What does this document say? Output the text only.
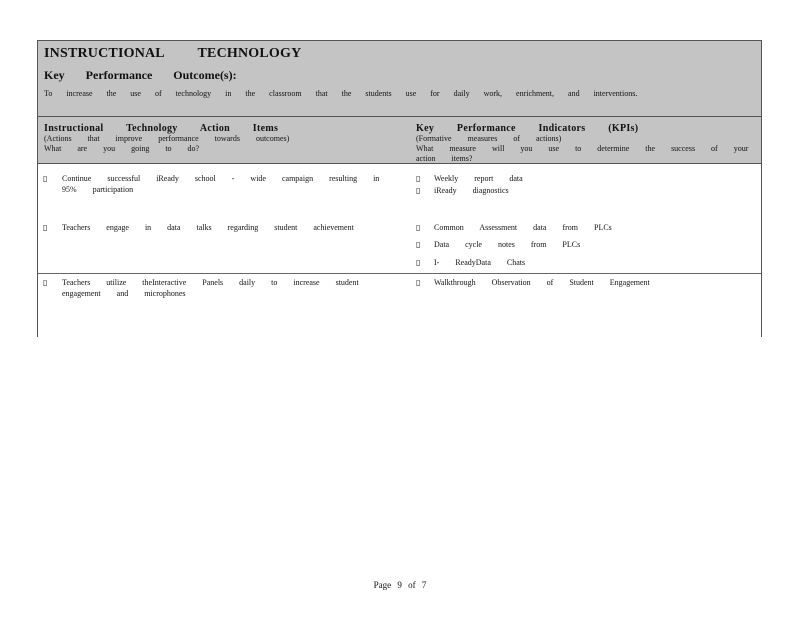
INSTRUCTIONAL TECHNOLOGY
Key Performance Outcome(s):
To increase the use of technology in the classroom that the students use for daily work, enrichment, and interventions.
Instructional Technology Action Items
(Actions that improve performance towards outcomes)
What are you going to do?
Key Performance Indicators (KPIs)
(Formative measures of actions)
What measure will you use to determine the success of your action items?
▯ Continue successful iReady school - wide campaign resulting in 95% participation
▯ Weekly report data
▯ iReady diagnostics
▯ Teachers engage in data talks regarding student achievement	▯ Common Assessment data from PLCs
▯ Data cycle notes from PLCs
▯ I- ReadyData Chats
▯ Teachers utilize theInteractive Panels daily to increase student engagement and microphones
▯ Walkthrough Observation of Student Engagement
Page 9 of 7
